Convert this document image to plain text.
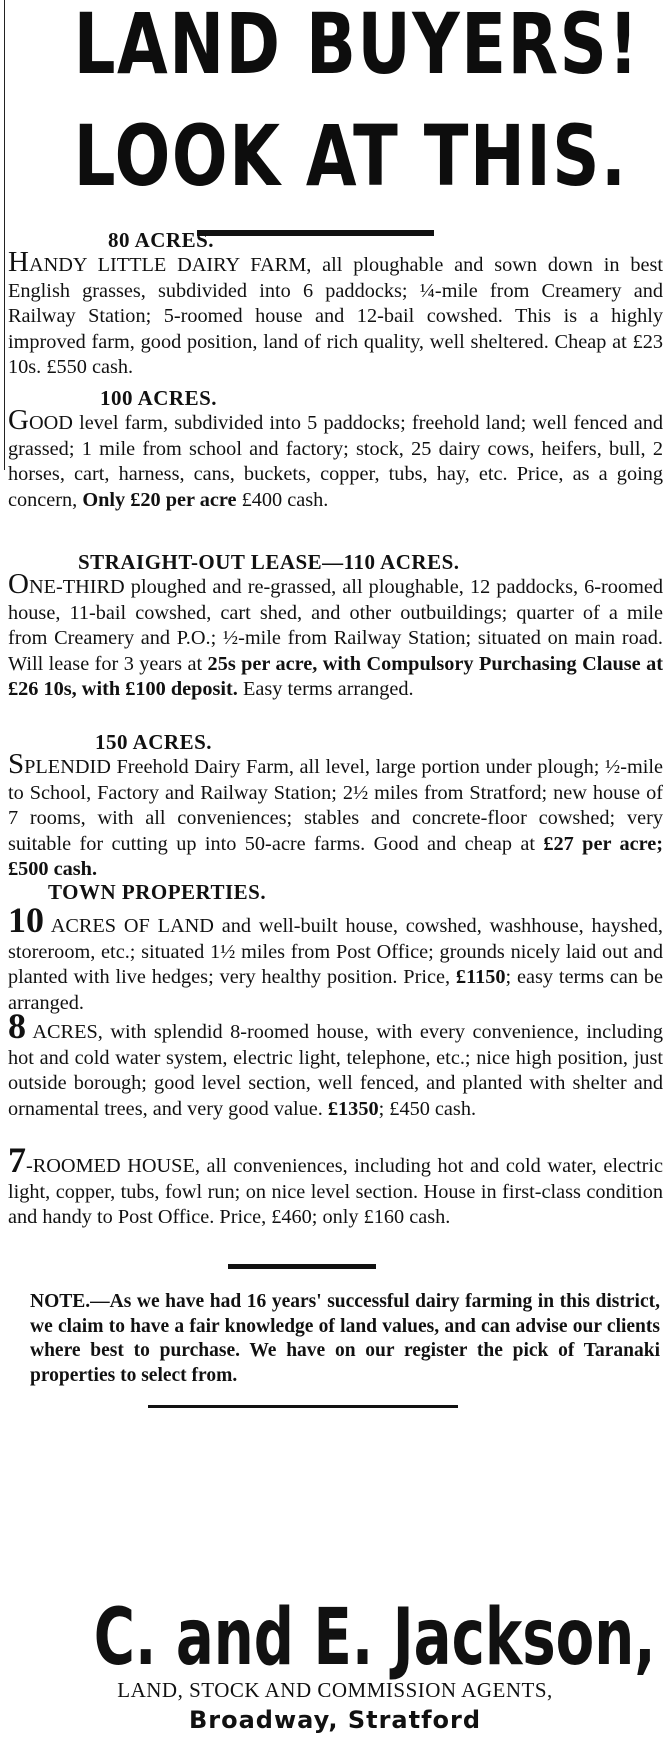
LAND BUYERS!
LOOK AT THIS.
80 ACRES.

HANDY LITTLE DAIRY FARM, all ploughable and sown down in best English grasses, subdivided into 6 paddocks; ¼-mile from Creamery and Railway Station; 5-roomed house and 12-bail cowshed. This is a highly improved farm, good position, land of rich quality, well sheltered. Cheap at £23 10s. £550 cash.

100 ACRES.

GOOD level farm, subdivided into 5 paddocks; freehold land; well fenced and grassed; 1 mile from school and factory; stock, 25 dairy cows, heifers, bull, 2 horses, cart, harness, cans, buckets, copper, tubs, hay, etc. Price, as a going concern, Only £20 per acre £400 cash.

STRAIGHT-OUT LEASE—110 ACRES.

ONE-THIRD ploughed and re-grassed, all ploughable, 12 paddocks, 6-roomed house, 11-bail cowshed, cart shed, and other outbuildings; quarter of a mile from Creamery and P.O.; ½-mile from Railway Station; situated on main road. Will lease for 3 years at 25s per acre, with Compulsory Purchasing Clause at £26 10s, with £100 deposit. Easy terms arranged.

150 ACRES.

SPLENDID Freehold Dairy Farm, all level, large portion under plough; ½-mile to School, Factory and Railway Station; 2½ miles from Stratford; new house of 7 rooms, with all conveniences; stables and concrete-floor cowshed; very suitable for cutting up into 50-acre farms. Good and cheap at £27 per acre; £500 cash.

TOWN PROPERTIES.

10 ACRES OF LAND and well-built house, cowshed, washhouse, hayshed, storeroom, etc.; situated 1½ miles from Post Office; grounds nicely laid out and planted with live hedges; very healthy position. Price, £1150; easy terms can be arranged.

8 ACRES, with splendid 8-roomed house, with every convenience, including hot and cold water system, electric light, telephone, etc.; nice high position, just outside borough; good level section, well fenced, and planted with shelter and ornamental trees, and very good value. £1350; £450 cash.

7-ROOMED HOUSE, all conveniences, including hot and cold water, electric light, copper, tubs, fowl run; on nice level section. House in first-class condition and handy to Post Office. Price, £460; only £160 cash.

NOTE.—As we have had 16 years' successful dairy farming in this district, we claim to have a fair knowledge of land values, and can advise our clients where best to purchase. We have on our register the pick of Taranaki properties to select from.

C. and E. Jackson,
LAND, STOCK AND COMMISSION AGENTS,
Broadway, Stratford
